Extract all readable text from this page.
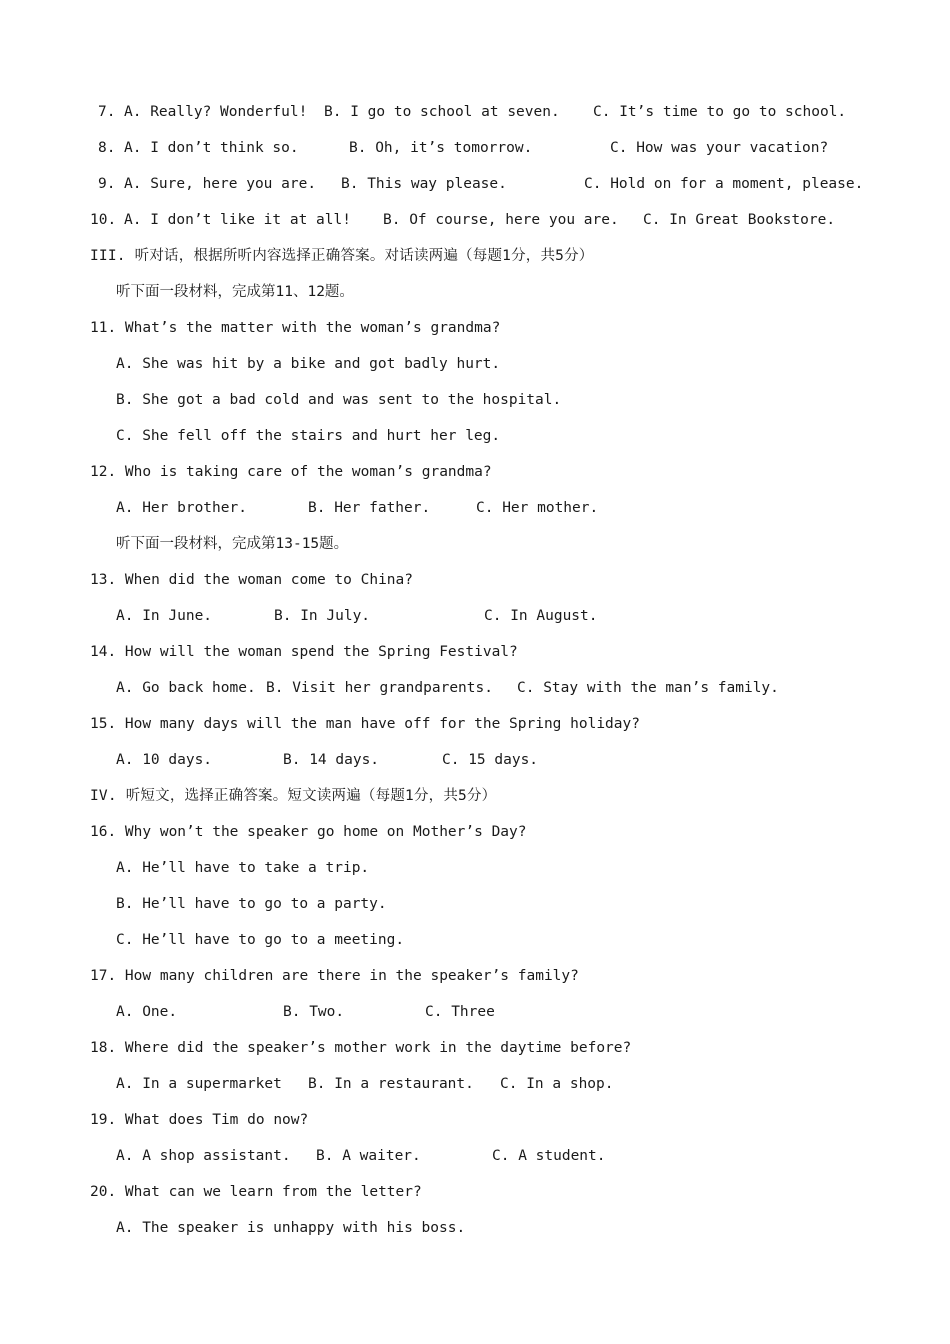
7. A. Really? Wonderful! B. I go to school at seven. C. It’s time to go to school.
8. A. I don’t think so.	B. Oh, it’s tomorrow.	C. How was your vacation?
9. A. Sure, here you are. B. This way please.	C. Hold on for a moment, please.
10. A. I don’t like it at all! B. Of course, here you are. C. In Great Bookstore.
III. 听对话，根据所听内容选择正确答案。对话读两遍（每题1分，共5分）
听下面一段材料，完成第11、12题。
11. What’s the matter with the woman’s grandma?
A. She was hit by a bike and got badly hurt.
B. She got a bad cold and was sent to the hospital.
C. She fell off the stairs and hurt her leg.
12. Who is taking care of the woman’s grandma?
A. Her brother.	B. Her father.	C. Her mother.
听下面一段材料，完成第13-15题。
13. When did the woman come to China?
A. In June.	B. In July.	C. In August.
14. How will the woman spend the Spring Festival?
A. Go back home. B. Visit her grandparents. C. Stay with the man’s family.
15. How many days will the man have off for the Spring holiday?
A. 10 days.	B. 14 days.	C. 15 days.
IV. 听短文，选择正确答案。短文读两遍（每题1分，共5分）
16. Why won’t the speaker go home on Mother’s Day?
A. He’ll have to take a trip.
B. He’ll have to go to a party.
C. He’ll have to go to a meeting.
17. How many children are there in the speaker’s family?
A. One.	B. Two.	C. Three
18. Where did the speaker’s mother work in the daytime before?
A. In a supermarket B. In a restaurant. C. In a shop.
19. What does Tim do now?
A. A shop assistant. B. A waiter.	C. A student.
20. What can we learn from the letter?
A. The speaker is unhappy with his boss.
